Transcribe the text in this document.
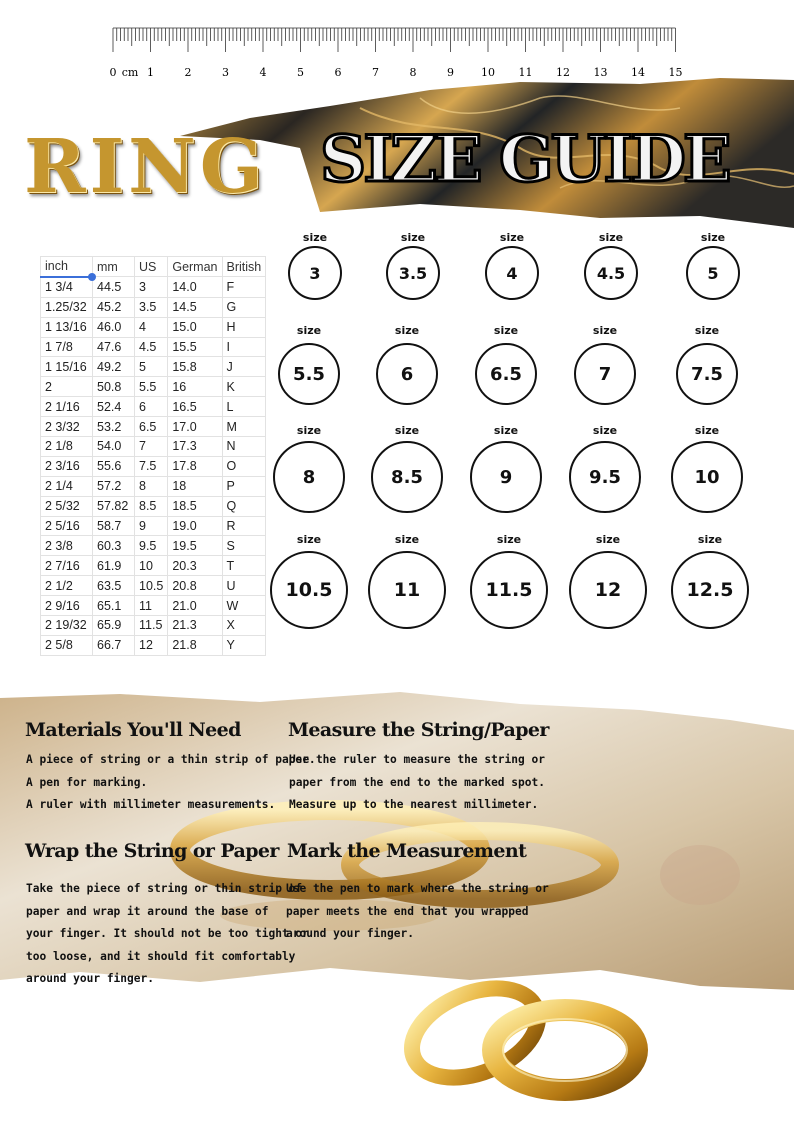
0 cm 1	2	3	4	5	6	7	8	9 10 11 12 13 14 15
RING SIZE GUIDE
inch	mm	US	German	British
1 3/4	44.5	3	14.0	F
1.25/32	45.2	3.5	14.5	G
1 13/16	46.0	4	15.0	H
1 7/8	47.6	4.5	15.5	I
1 15/16	49.2	5	15.8	J
2	50.8	5.5	16	K
2 1/16	52.4	6	16.5	L
2 3/32	53.2	6.5	17.0	M
2 1/8	54.0	7	17.3	N
2 3/16	55.6	7.5	17.8	O
2 1/4	57.2	8	18	P
2 5/32	57.82	8.5	18.5	Q
2 5/16	58.7	9	19.0	R
2 3/8	60.3	9.5	19.5	S
2 7/16	61.9	10	20.3	T
2 1/2	63.5	10.5	20.8	U
2 9/16	65.1	11	21.0	W
2 19/32	65.9	11.5	21.3	X
2 5/8	66.7	12	21.8	Y
size
3
size
3.5
size
4
size
4.5
size
5
size
5.5
size
6
size
6.5
size
7
size
7.5
size
8
size
8.5
size
9
size
9.5
size
10
size
10.5
size
11
size
11.5
size
12
size
12.5
Materials You'll Need
A piece of string or a thin strip of paper.
A pen for marking.
A ruler with millimeter measurements.
Measure the String/Paper
Use the ruler to measure the string or
paper from the end to the marked spot.
Measure up to the nearest millimeter.
Wrap the String or Paper
Take the piece of string or thin strip of
paper and wrap it around the base of
your finger. It should not be too tight or
too loose, and it should fit comfortably
around your finger.
Mark the Measurement
Use the pen to mark where the string or
paper meets the end that you wrapped
around your finger.
